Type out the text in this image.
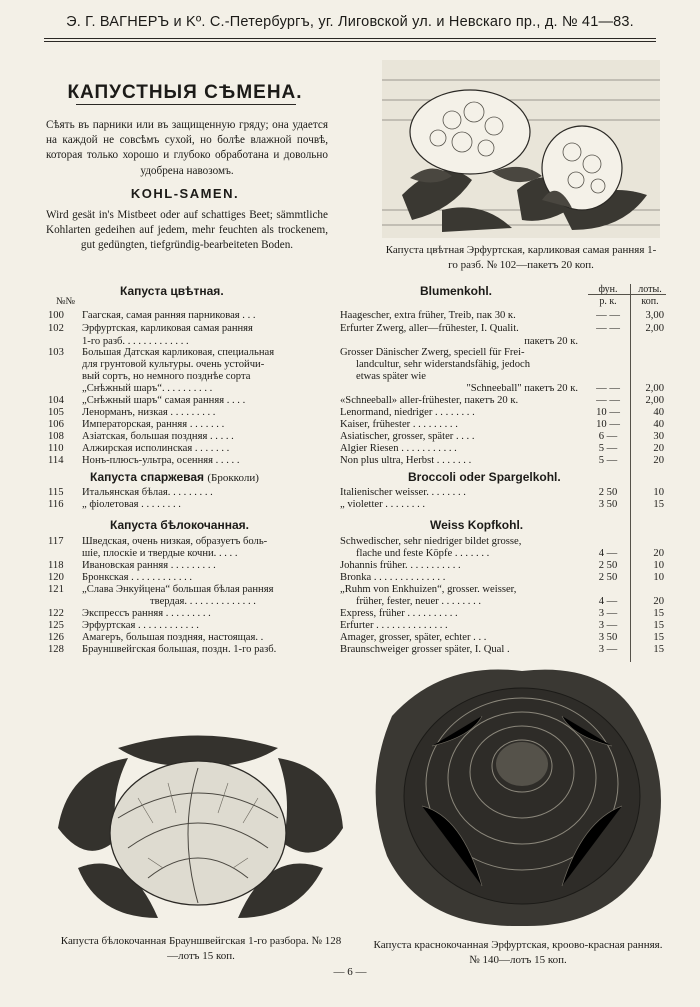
Э. Г. ВАГНЕРЪ и Kº. С.-Петербургъ, уг. Лиговской ул. и Невскаго пр., д. № 41—83.
КАПУСТНЫЯ СѢМЕНА.
Сѣять въ парники или въ защищенную гряду; она удается на каждой не совсѣмъ сухой, но болѣе влажной почвѣ, которая только хорошо и глубоко обработана и довольно удобрена навозомъ.
KOHL-SAMEN.
Wird gesät in's Mistbeet oder auf schattiges Beet; sämmtliche Kohlarten gedeihen auf jedem, mehr feuchten als trockenem, gut gedüngten, tiefgründig-bearbeiteten Boden.	Капуста цвѣтная Эрфуртская, карликовая самая ранняя 1-го разб. № 102—пакетъ 20 коп.
№№
фун.
р. к.
лоты.
коп.
Капуста цвѣтная.	Blumenkohl.
100	Гаагская, самая ранняя парниковая . . .	Haagescher, extra früher, Treib, пак 30 к.	— —	3,00
102	Эрфуртская, карликовая самая ранняя	Erfurter Zwerg, aller—frühester, I. Qualit.	— —	2,00
1-го разб. . . . . . . . . . . . .	пакетъ 20 к.
103	Большая Датская карликовая, специальная	Grosser Dänischer Zwerg, speciell für Frei-
для грунтовой культуры. очень устойчи-	landcultur, sehr widerstandsfähig, jedoch
вый сортъ, но немного позднѣе сорта	etwas später wie
„Снѣжный шаръ“. . . . . . . . . .	"Schneeball" пакетъ 20 к.	— —	2,00
104	„Снѣжный шаръ“ самая ранняя . . . .	«Schneeball» aller-frühester, пакетъ 20 к.	— —	2,00
105	Ленорманъ, низкая . . . . . . . . .	Lenormand, niedriger . . . . . . . .	10 —	40
106	Императорская, ранняя . . . . . . .	Kaiser, frühester . . . . . . . . .	10 —	40
108	Азіатская, большая поздняя . . . . .	Asiatischer, grosser, später . . . .	6 —	30
110	Алжирская исполинская . . . . . . .	Algier Riesen . . . . . . . . . . .	5 —	20
114	Нонъ-плюсъ-ультра, осенняя . . . . .	Non plus ultra, Herbst . . . . . . .	5 —	20
Капуста спаржевая (Брокколи)	Broccoli oder Spargelkohl.
115	Итальянская бѣлая. . . . . . . . .	Italienischer weisser. . . . . . . .	2 50	10
116	„ фіолетовая . . . . . . . .	„ violetter . . . . . . . .	3 50	15
Капуста бѣлокочанная.	Weiss Kopfkohl.
117	Шведская, очень низкая, образуетъ боль-	Schwedischer, sehr niedriger bildet grosse,
шіе, плоскіе и твердые кочни. . . . .	flache und feste Köpfe . . . . . . .	4 —	20
118	Ивановская ранняя . . . . . . . . .	Johannis früher. . . . . . . . . . .	2 50	10
120	Бронкская . . . . . . . . . . . .	Bronka . . . . . . . . . . . . . .	2 50	10
121	„Слава Энкуйцена“ большая бѣлая ранняя	„Ruhm von Enkhuizen“, grosser. weisser,
твердая. . . . . . . . . . . . . .	früher, fester, neuer . . . . . . . .	4 —	20
122	Экспрессъ ранняя . . . . . . . . .	Express, früher . . . . . . . . . .	3 —	15
125	Эрфуртская . . . . . . . . . . . .	Erfurter . . . . . . . . . . . . . .	3 —	15
126	Амагеръ, большая поздняя, настоящая. .	Amager, grosser, später, echter . . .	3 50	15
128	Брауншвейгская большая, поздн. 1-го разб.	Braunschweiger grosser später, I. Qual .	3 —	15
Капуста бѣлокочанная Брауншвейгская 1-го разбора. № 128—лотъ 15 коп.
Капуста краснокочанная Эрфуртская, кроово-красная ранняя. № 140—лотъ 15 коп.
— 6 —
